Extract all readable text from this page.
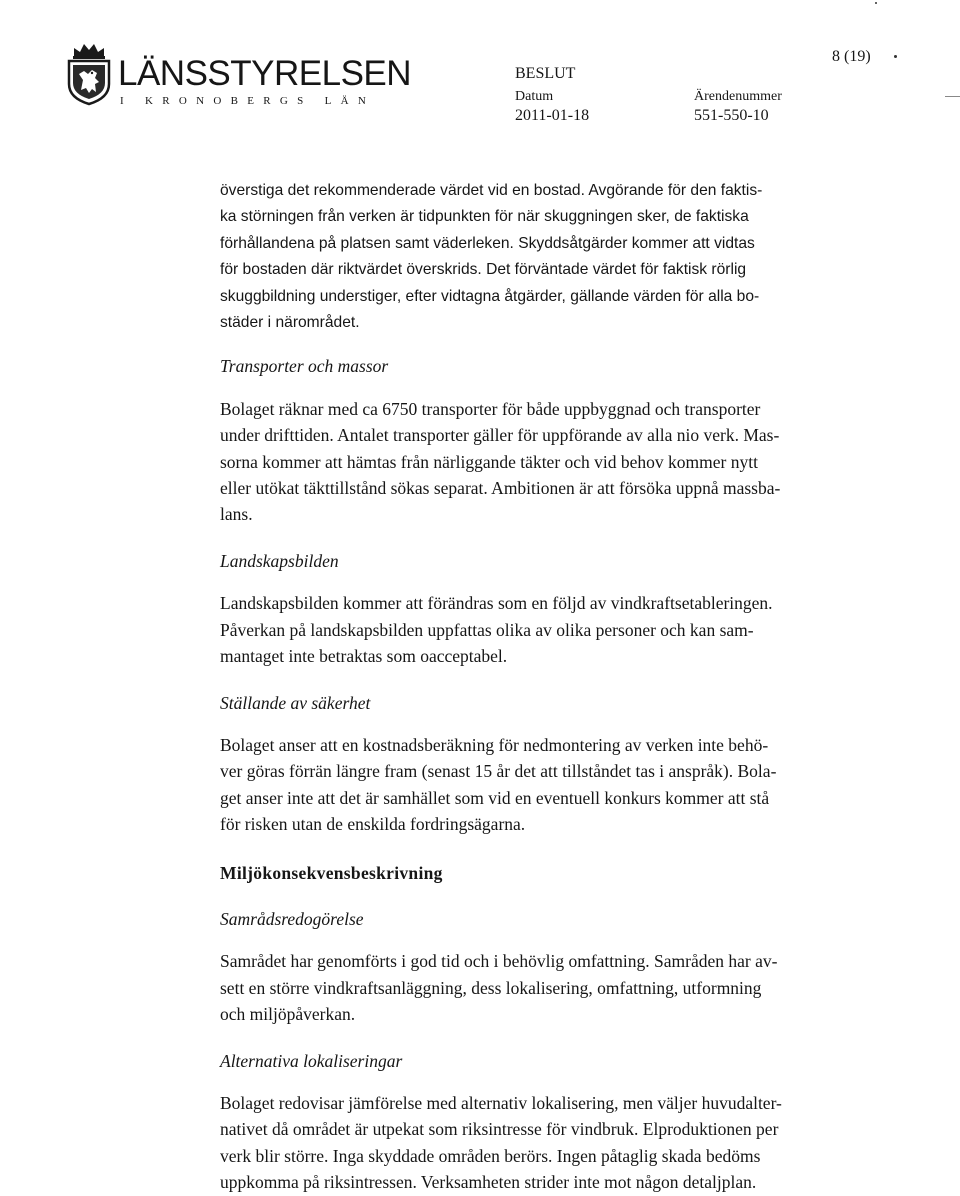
LÄNSSTYRELSEN
I KRONOBERGS LÄN
BESLUT
Datum
2011-01-18
Ärendenummer
551-550-10
8 (19)

överstiga det rekommenderade värdet vid en bostad. Avgörande för den faktis-

ka störningen från verken är tidpunkten för när skuggningen sker, de faktiska

förhållandena på platsen samt väderleken. Skyddsåtgärder kommer att vidtas

för bostaden där riktvärdet överskrids. Det förväntade värdet för faktisk rörlig

skuggbildning understiger, efter vidtagna åtgärder, gällande värden för alla bo-

städer i närområdet.

Transporter och massor

Bolaget räknar med ca 6750 transporter för både uppbyggnad och transporter

under drifttiden. Antalet transporter gäller för uppförande av alla nio verk. Mas-

sorna kommer att hämtas från närliggande täkter och vid behov kommer nytt

eller utökat täkttillstånd sökas separat. Ambitionen är att försöka uppnå massba-

lans.

Landskapsbilden

Landskapsbilden kommer att förändras som en följd av vindkraftsetableringen.

Påverkan på landskapsbilden uppfattas olika av olika personer och kan sam-

mantaget inte betraktas som oacceptabel.

Ställande av säkerhet

Bolaget anser att en kostnadsberäkning för nedmontering av verken inte behö-

ver göras förrän längre fram (senast 15 år det att tillståndet tas i anspråk). Bola-

get anser inte att det är samhället som vid en eventuell konkurs kommer att stå

för risken utan de enskilda fordringsägarna.

Miljökonsekvensbeskrivning

Samrådsredogörelse

Samrådet har genomförts i god tid och i behövlig omfattning. Samråden har av-

sett en större vindkraftsanläggning, dess lokalisering, omfattning, utformning

och miljöpåverkan.

Alternativa lokaliseringar

Bolaget redovisar jämförelse med alternativ lokalisering, men väljer huvudalter-

nativet då området är utpekat som riksintresse för vindbruk. Elproduktionen per

verk blir större. Inga skyddade områden berörs. Ingen påtaglig skada bedöms

uppkomma på riksintressen. Verksamheten strider inte mot någon detaljplan.
